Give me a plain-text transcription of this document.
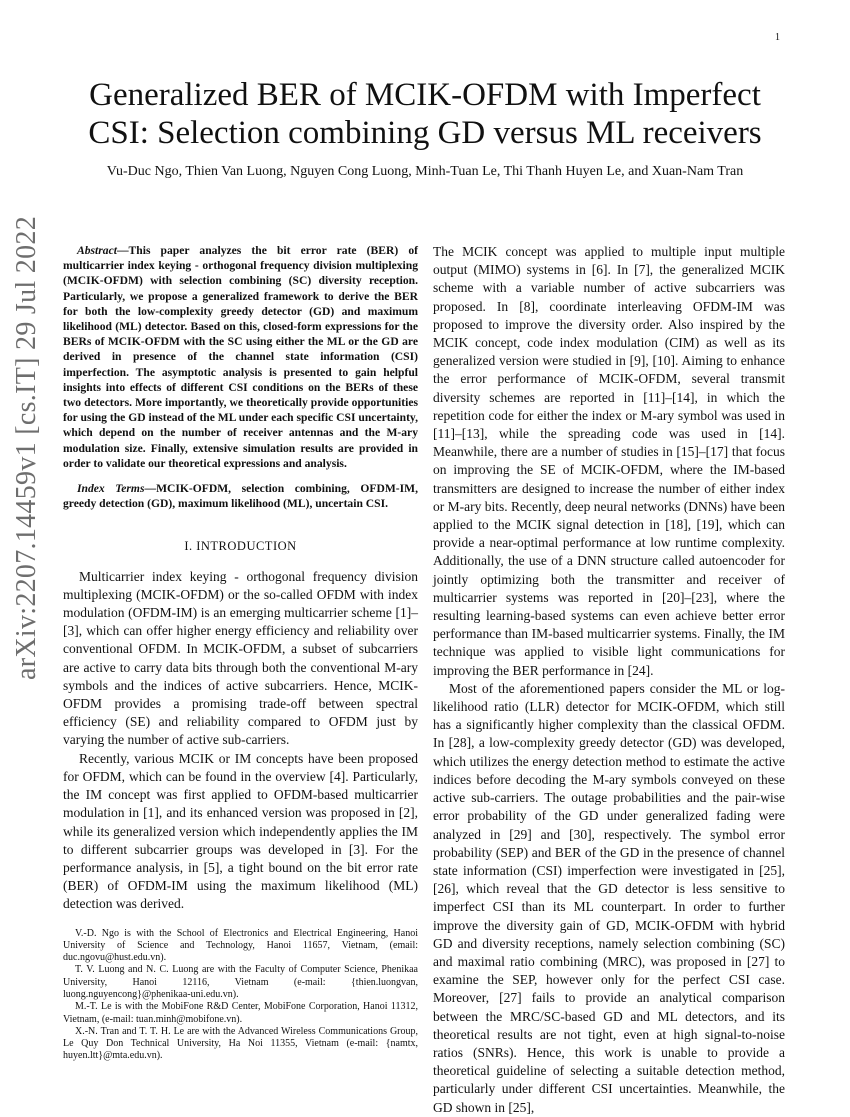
1
arXiv:2207.14459v1 [cs.IT] 29 Jul 2022
Generalized BER of MCIK-OFDM with Imperfect
CSI: Selection combining GD versus ML receivers
Vu-Duc Ngo, Thien Van Luong, Nguyen Cong Luong, Minh-Tuan Le, Thi Thanh Huyen Le, and Xuan-Nam Tran

Abstract—This paper analyzes the bit error rate (BER) of multicarrier index keying - orthogonal frequency division multiplexing (MCIK-OFDM) with selection combining (SC) diversity reception. Particularly, we propose a generalized framework to derive the BER for both the low-complexity greedy detector (GD) and maximum likelihood (ML) detector. Based on this, closed-form expressions for the BERs of MCIK-OFDM with the SC using either the ML or the GD are derived in presence of the channel state information (CSI) imperfection. The asymptotic analysis is presented to gain helpful insights into effects of different CSI conditions on the BERs of these two detectors. More importantly, we theoretically provide opportunities for using the GD instead of the ML under each specific CSI uncertainty, which depend on the number of receiver antennas and the M-ary modulation size. Finally, extensive simulation results are provided in order to validate our theoretical expressions and analysis.

Index Terms—MCIK-OFDM, selection combining, OFDM-IM, greedy detection (GD), maximum likelihood (ML), uncertain CSI.

I. INTRODUCTION

Multicarrier index keying - orthogonal frequency division multiplexing (MCIK-OFDM) or the so-called OFDM with index modulation (OFDM-IM) is an emerging multicarrier scheme [1]–[3], which can offer higher energy efficiency and reliability over conventional OFDM. In MCIK-OFDM, a subset of subcarriers are active to carry data bits through both the conventional M-ary symbols and the indices of active subcarriers. Hence, MCIK-OFDM provides a promising trade-off between spectral efficiency (SE) and reliability compared to OFDM just by varying the number of active sub-carriers.

Recently, various MCIK or IM concepts have been proposed for OFDM, which can be found in the overview [4]. Particularly, the IM concept was first applied to OFDM-based multicarrier modulation in [1], and its enhanced version was proposed in [2], while its generalized version which independently applies the IM to different subcarrier groups was developed in [3]. For the performance analysis, in [5], a tight bound on the bit error rate (BER) of OFDM-IM using the maximum likelihood (ML) detection was derived.

V.-D. Ngo is with the School of Electronics and Electrical Engineering, Hanoi University of Science and Technology, Hanoi 11657, Vietnam, (email: duc.ngovu@hust.edu.vn).

T. V. Luong and N. C. Luong are with the Faculty of Computer Science, Phenikaa University, Hanoi 12116, Vietnam (e-mail: {thien.luongvan, luong.nguyencong}@phenikaa-uni.edu.vn).

M.-T. Le is with the MobiFone R&D Center, MobiFone Corporation, Hanoi 11312, Vietnam, (e-mail: tuan.minh@mobifone.vn).

X.-N. Tran and T. T. H. Le are with the Advanced Wireless Communications Group, Le Quy Don Technical University, Ha Noi 11355, Vietnam (e-mail: {namtx, huyen.ltt}@mta.edu.vn).

The MCIK concept was applied to multiple input multiple output (MIMO) systems in [6]. In [7], the generalized MCIK scheme with a variable number of active subcarriers was proposed. In [8], coordinate interleaving OFDM-IM was proposed to improve the diversity order. Also inspired by the MCIK concept, code index modulation (CIM) as well as its generalized version were studied in [9], [10]. Aiming to enhance the error performance of MCIK-OFDM, several transmit diversity schemes are reported in [11]–[14], in which the repetition code for either the index or M-ary symbol was used in [11]–[13], while the spreading code was used in [14]. Meanwhile, there are a number of studies in [15]–[17] that focus on improving the SE of MCIK-OFDM, where the IM-based transmitters are designed to increase the number of either index or M-ary bits. Recently, deep neural networks (DNNs) have been applied to the MCIK signal detection in [18], [19], which can provide a near-optimal performance at low runtime complexity. Additionally, the use of a DNN structure called autoencoder for jointly optimizing both the transmitter and receiver of multicarrier systems was reported in [20]–[23], where the resulting learning-based systems can even achieve better error performance than IM-based multicarrier systems. Finally, the IM technique was applied to visible light communications for improving the BER performance in [24].

Most of the aforementioned papers consider the ML or log-likelihood ratio (LLR) detector for MCIK-OFDM, which still has a significantly higher complexity than the classical OFDM. In [28], a low-complexity greedy detector (GD) was developed, which utilizes the energy detection method to estimate the active indices before decoding the M-ary symbols conveyed on these active sub-carriers. The outage probabilities and the pair-wise error probability of the GD under generalized fading were analyzed in [29] and [30], respectively. The symbol error probability (SEP) and BER of the GD in the presence of channel state information (CSI) imperfection were investigated in [25], [26], which reveal that the GD detector is less sensitive to imperfect CSI than its ML counterpart. In order to further improve the diversity gain of GD, MCIK-OFDM with hybrid GD and diversity receptions, namely selection combining (SC) and maximal ratio combining (MRC), was proposed in [27] to examine the SEP, however only for the perfect CSI case. Moreover, [27] fails to provide an analytical comparison between the MRC/SC-based GD and ML detectors, and its theoretical results are not tight, even at high signal-to-noise ratios (SNRs). Hence, this work is unable to provide a theoretical guideline of selecting a suitable detection method, particularly under different CSI uncertainties. Meanwhile, the GD shown in [25],
